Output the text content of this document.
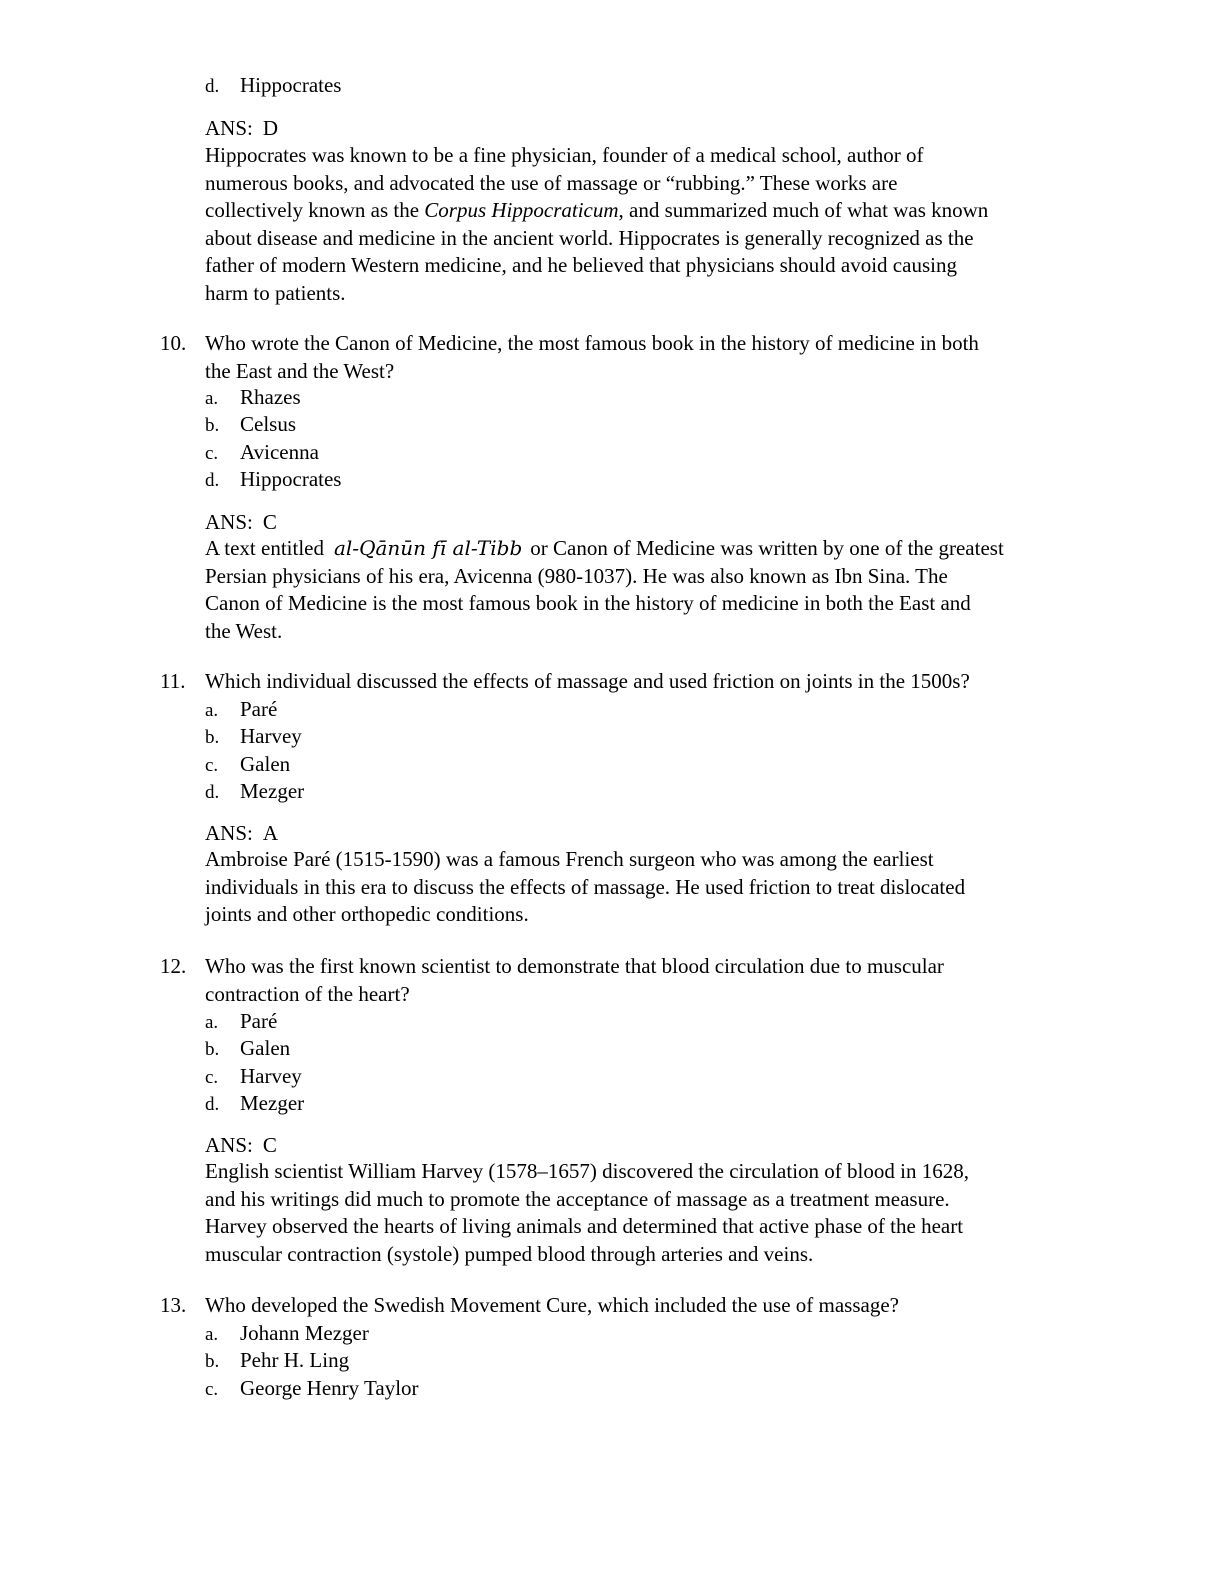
d. Hippocrates
ANS: D
Hippocrates was known to be a fine physician, founder of a medical school, author of
numerous books, and advocated the use of massage or “rubbing.” These works are
collectively known as the Corpus Hippocraticum, and summarized much of what was known
about disease and medicine in the ancient world. Hippocrates is generally recognized as the
father of modern Western medicine, and he believed that physicians should avoid causing
harm to patients.
10. Who wrote the Canon of Medicine, the most famous book in the history of medicine in both
the East and the West?
a. Rhazes
b. Celsus
c. Avicenna
d. Hippocrates
ANS: C
A text entitled al-Qānūn fī al-Tibb or Canon of Medicine was written by one of the greatest
Persian physicians of his era, Avicenna (980-1037). He was also known as Ibn Sina. The
Canon of Medicine is the most famous book in the history of medicine in both the East and
the West.
11. Which individual discussed the effects of massage and used friction on joints in the 1500s?
a. Paré
b. Harvey
c. Galen
d. Mezger
ANS: A
Ambroise Paré (1515-1590) was a famous French surgeon who was among the earliest
individuals in this era to discuss the effects of massage. He used friction to treat dislocated
joints and other orthopedic conditions.
12. Who was the first known scientist to demonstrate that blood circulation due to muscular
contraction of the heart?
a. Paré
b. Galen
c. Harvey
d. Mezger
ANS: C
English scientist William Harvey (1578–1657) discovered the circulation of blood in 1628,
and his writings did much to promote the acceptance of massage as a treatment measure.
Harvey observed the hearts of living animals and determined that active phase of the heart
muscular contraction (systole) pumped blood through arteries and veins.
13. Who developed the Swedish Movement Cure, which included the use of massage?
a. Johann Mezger
b. Pehr H. Ling
c. George Henry Taylor
